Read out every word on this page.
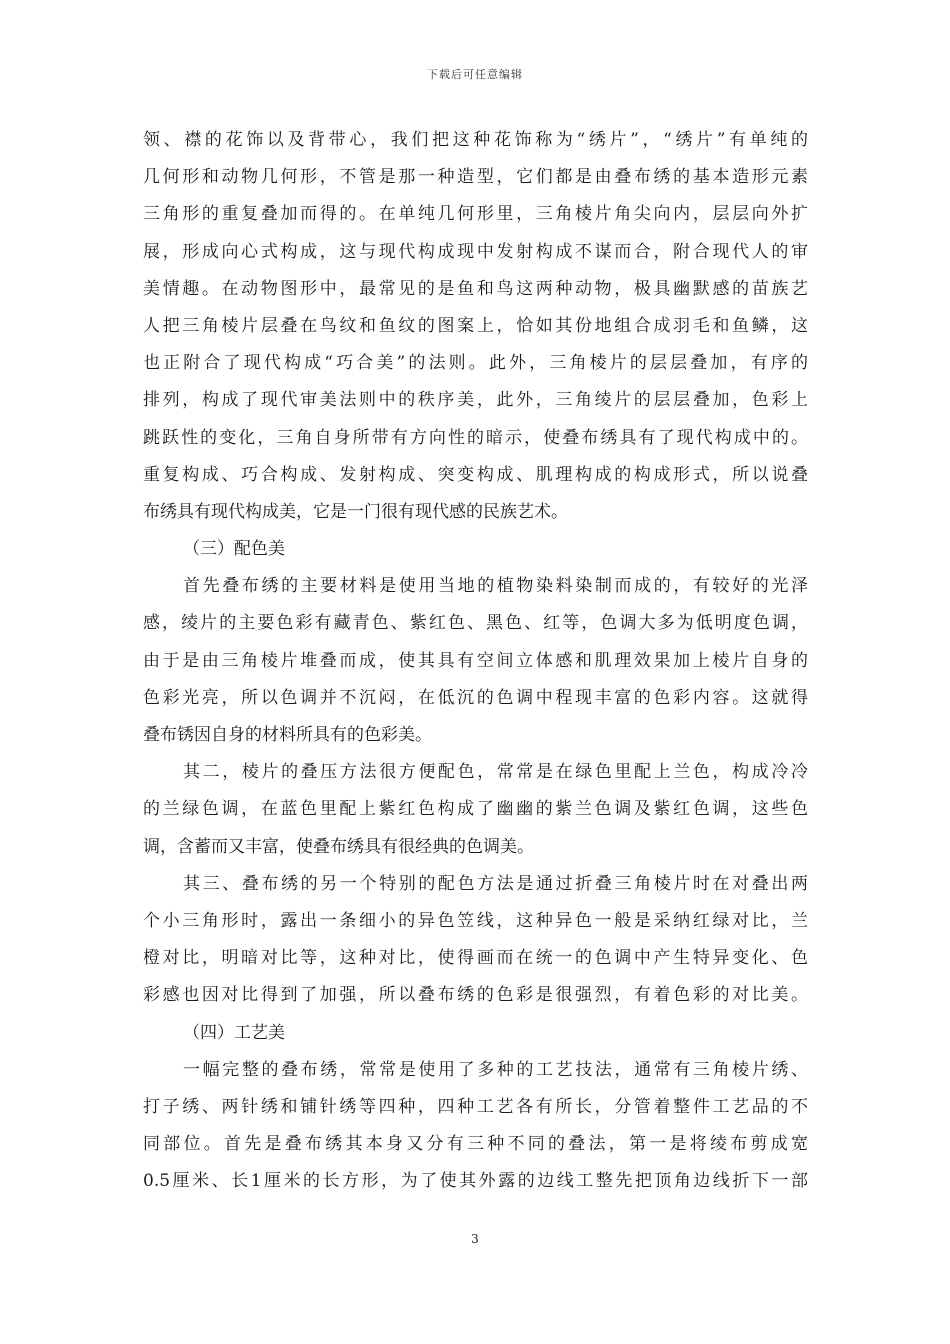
下载后可任意编辑
领、襟的花饰以及背带心，我们把这种花饰称为“绣片”，“绣片”有单纯的
几何形和动物几何形，不管是那一种造型，它们都是由叠布绣的基本造形元素
三角形的重复叠加而得的。在单纯几何形里，三角棱片角尖向内，层层向外扩
展，形成向心式构成，这与现代构成现中发射构成不谋而合，附合现代人的审
美情趣。在动物图形中，最常见的是鱼和鸟这两种动物，极具幽默感的苗族艺
人把三角棱片层叠在鸟纹和鱼纹的图案上，恰如其份地组合成羽毛和鱼鳞，这
也正附合了现代构成“巧合美”的法则。此外，三角棱片的层层叠加，有序的
排列，构成了现代审美法则中的秩序美，此外，三角绫片的层层叠加，色彩上
跳跃性的变化，三角自身所带有方向性的暗示，使叠布绣具有了现代构成中的。
重复构成、巧合构成、发射构成、突变构成、肌理构成的构成形式，所以说叠
布绣具有现代构成美，它是一门很有现代感的民族艺术。
（三）配色美
首先叠布绣的主要材料是使用当地的植物染料染制而成的，有较好的光泽
感，绫片的主要色彩有藏青色、紫红色、黑色、红等，色调大多为低明度色调，
由于是由三角棱片堆叠而成，使其具有空间立体感和肌理效果加上棱片自身的
色彩光亮，所以色调并不沉闷，在低沉的色调中程现丰富的色彩内容。这就得
叠布锈因自身的材料所具有的色彩美。
其二，棱片的叠压方法很方便配色，常常是在绿色里配上兰色，构成冷冷
的兰绿色调，在蓝色里配上紫红色构成了幽幽的紫兰色调及紫红色调，这些色
调，含蓄而又丰富，使叠布绣具有很经典的色调美。
其三、叠布绣的另一个特别的配色方法是通过折叠三角棱片时在对叠出两
个小三角形时，露出一条细小的异色笠线，这种异色一般是采纳红绿对比，兰
橙对比，明暗对比等，这种对比，使得画而在统一的色调中产生特异变化、色
彩感也因对比得到了加强，所以叠布绣的色彩是很强烈，有着色彩的对比美。
（四）工艺美
一幅完整的叠布绣，常常是使用了多种的工艺技法，通常有三角棱片绣、
打子绣、两针绣和铺针绣等四种，四种工艺各有所长，分管着整件工艺品的不
同部位。首先是叠布绣其本身又分有三种不同的叠法，第一是将绫布剪成宽
0.5厘米、长1厘米的长方形，为了使其外露的边线工整先把顶角边线折下一部
3
